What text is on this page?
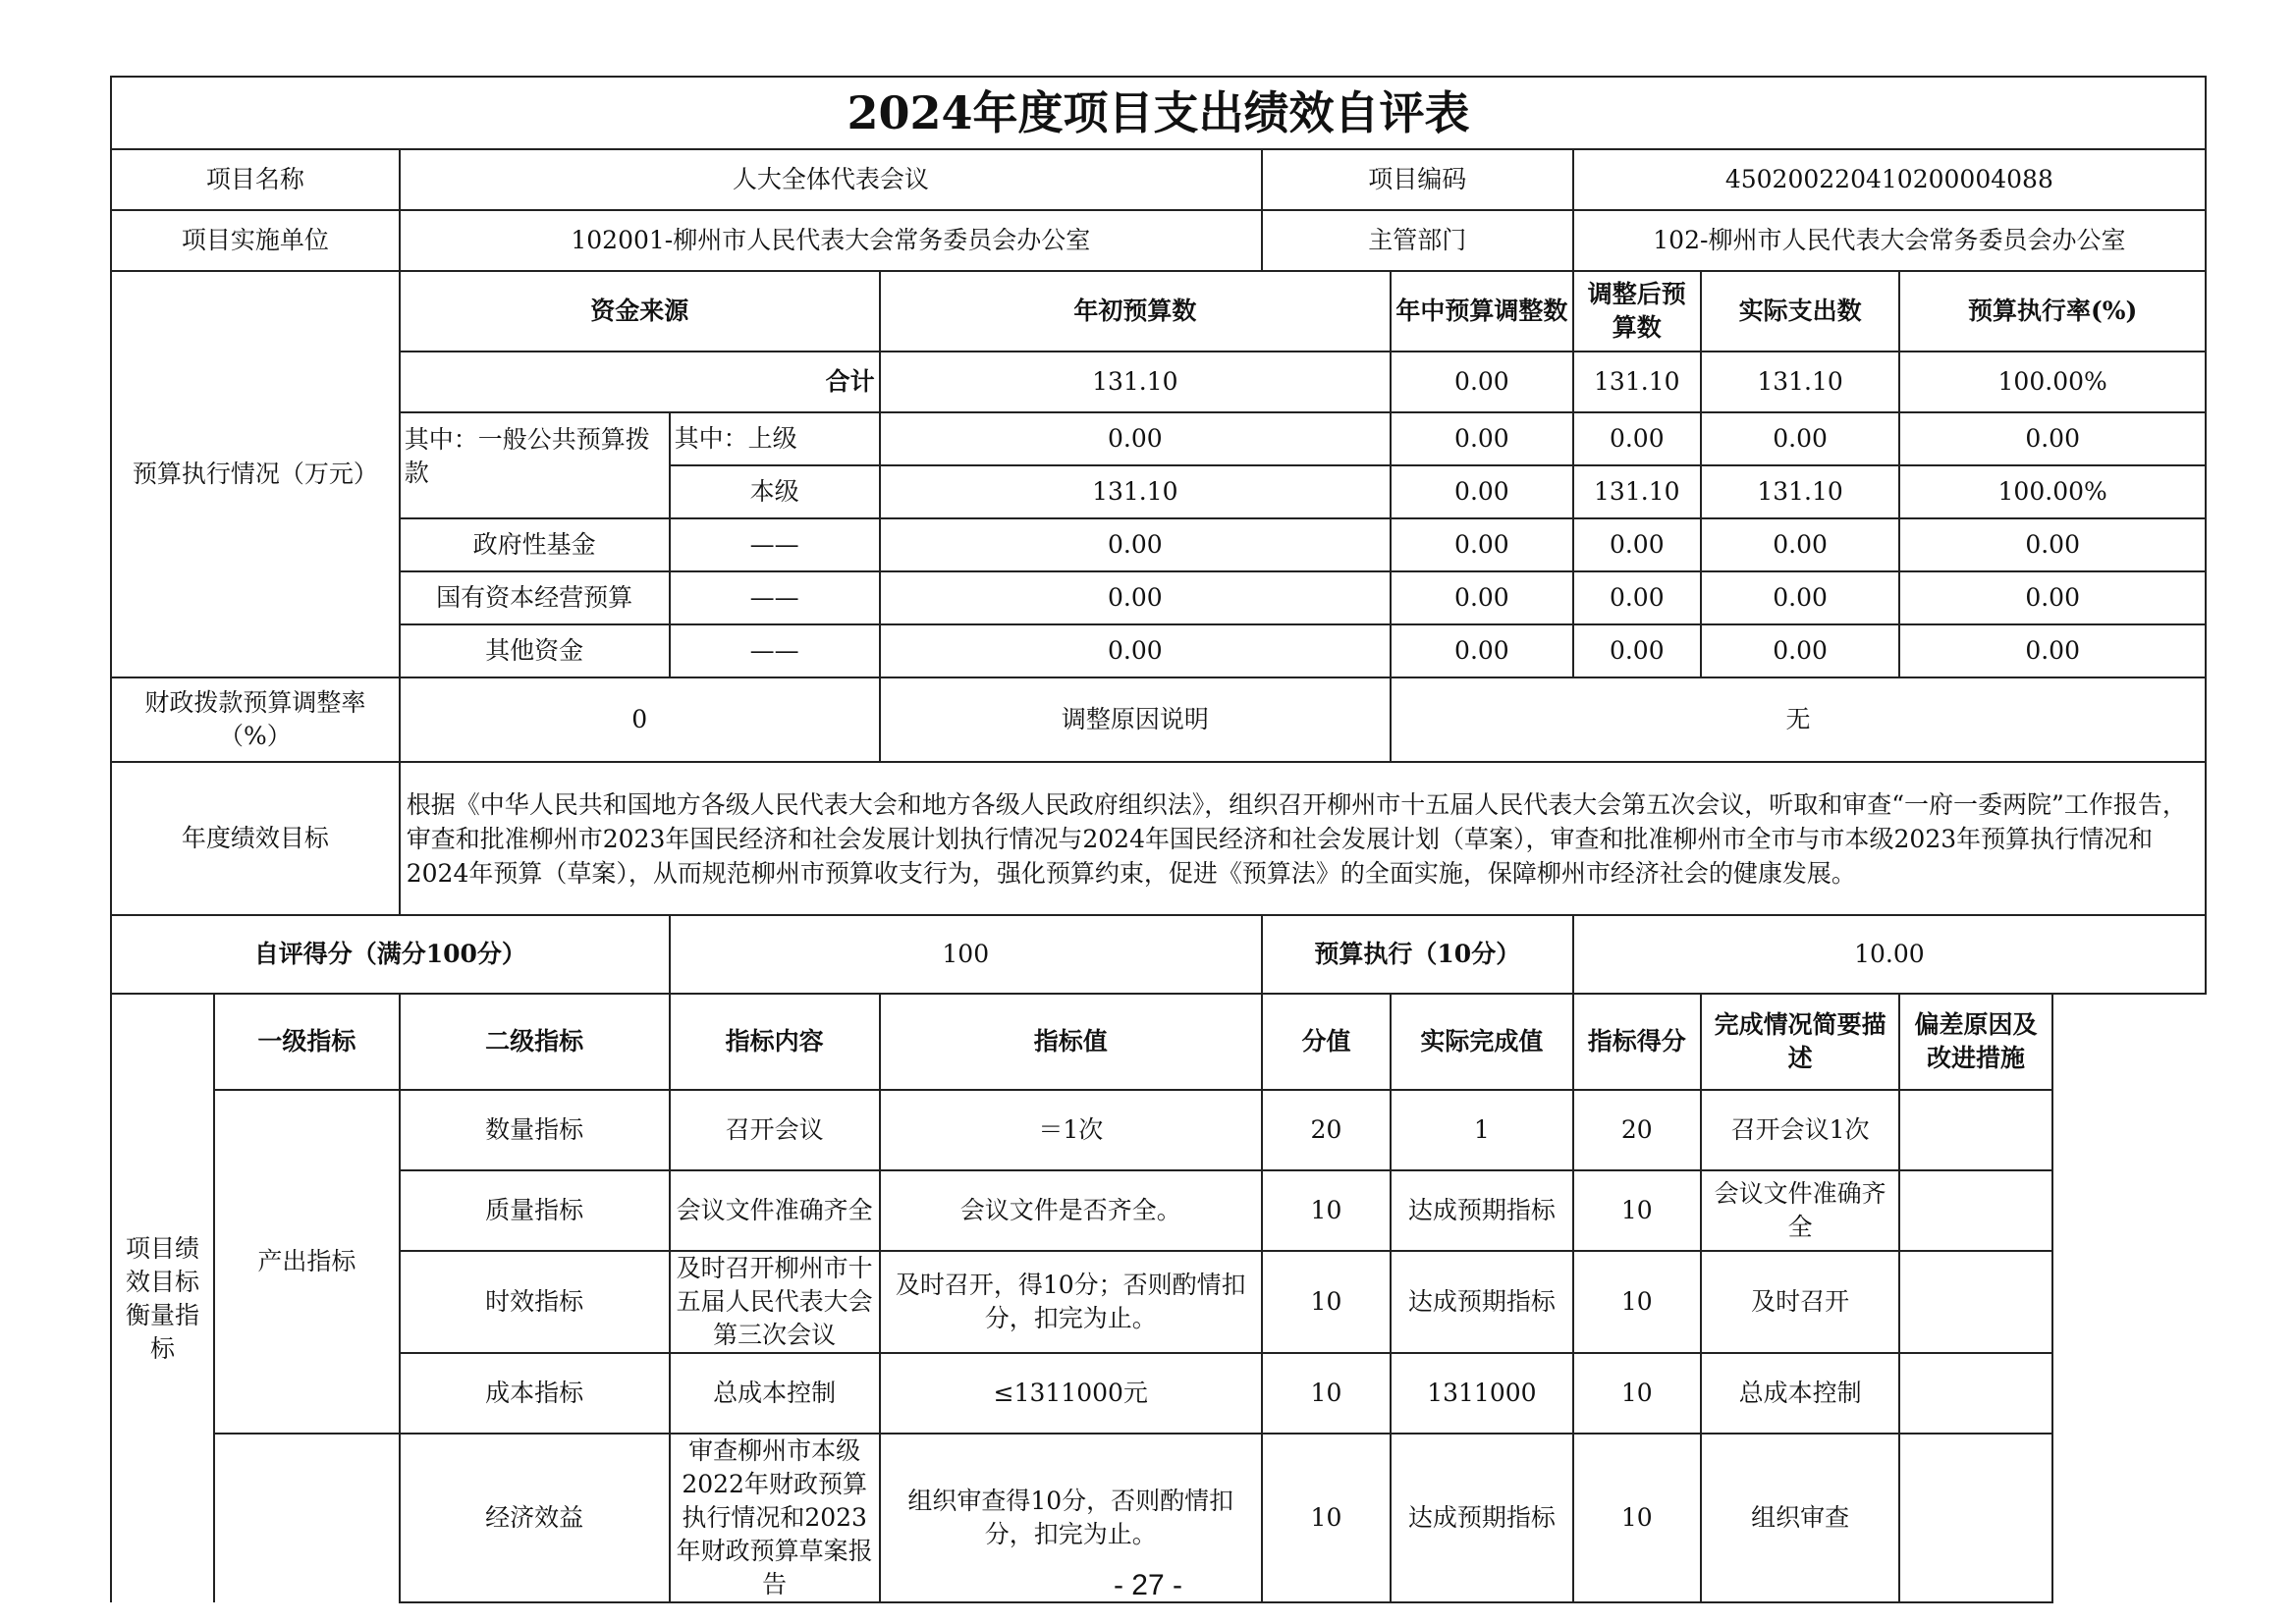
2024年度项目支出绩效自评表									
项目名称		人大全体代表会议			项目编码		450200220410200004088		
项目实施单位		102001-柳州市人民代表大会常务委员会办公室			主管部门		102-柳州市人民代表大会常务委员会办公室		
预算执行情况（万元）		资金来源		年初预算数		年中预算调整数	调整后预算数	实际支出数	预算执行率(%)
		合计		131.10		0.00	131.10	131.10	100.00%
		其中：一般公共预算拨款	其中：上级	0.00		0.00	0.00	0.00	0.00
			本级	131.10		0.00	131.10	131.10	100.00%
		政府性基金	——	0.00		0.00	0.00	0.00	0.00
		国有资本经营预算	——	0.00		0.00	0.00	0.00	0.00
		其他资金	——	0.00		0.00	0.00	0.00	0.00
财政拨款预算调整率（%）		0		调整原因说明		无			
年度绩效目标		根据《中华人民共和国地方各级人民代表大会和地方各级人民政府组织法》，组织召开柳州市十五届人民代表大会第五次会议，听取和审查“一府一委两院”工作报告，审查和批准柳州市2023年国民经济和社会发展计划执行情况与2024年国民经济和社会发展计划（草案），审查和批准柳州市全市与市本级2023年预算执行情况和2024年预算（草案），从而规范柳州市预算收支行为，强化预算约束，促进《预算法》的全面实施，保障柳州市经济社会的健康发展。							
自评得分（满分100分）			100		预算执行（10分）		10.00		
项目绩效目标衡量指标	一级指标	二级指标	指标内容	指标值	分值	实际完成值	指标得分	完成情况简要描述	偏差原因及改进措施
	产出指标	数量指标	召开会议	＝1次	20	1	20	召开会议1次	
		质量指标	会议文件准确齐全	会议文件是否齐全。	10	达成预期指标	10	会议文件准确齐全	
		时效指标	及时召开柳州市十五届人民代表大会第三次会议	及时召开，得10分；否则酌情扣分，扣完为止。	10	达成预期指标	10	及时召开	
		成本指标	总成本控制	≤1311000元	10	1311000	10	总成本控制	
		经济效益	审查柳州市本级2022年财政预算执行情况和2023年财政预算草案报告	组织审查得10分，否则酌情扣分，扣完为止。	10	达成预期指标	10	组织审查	
- 27 -
